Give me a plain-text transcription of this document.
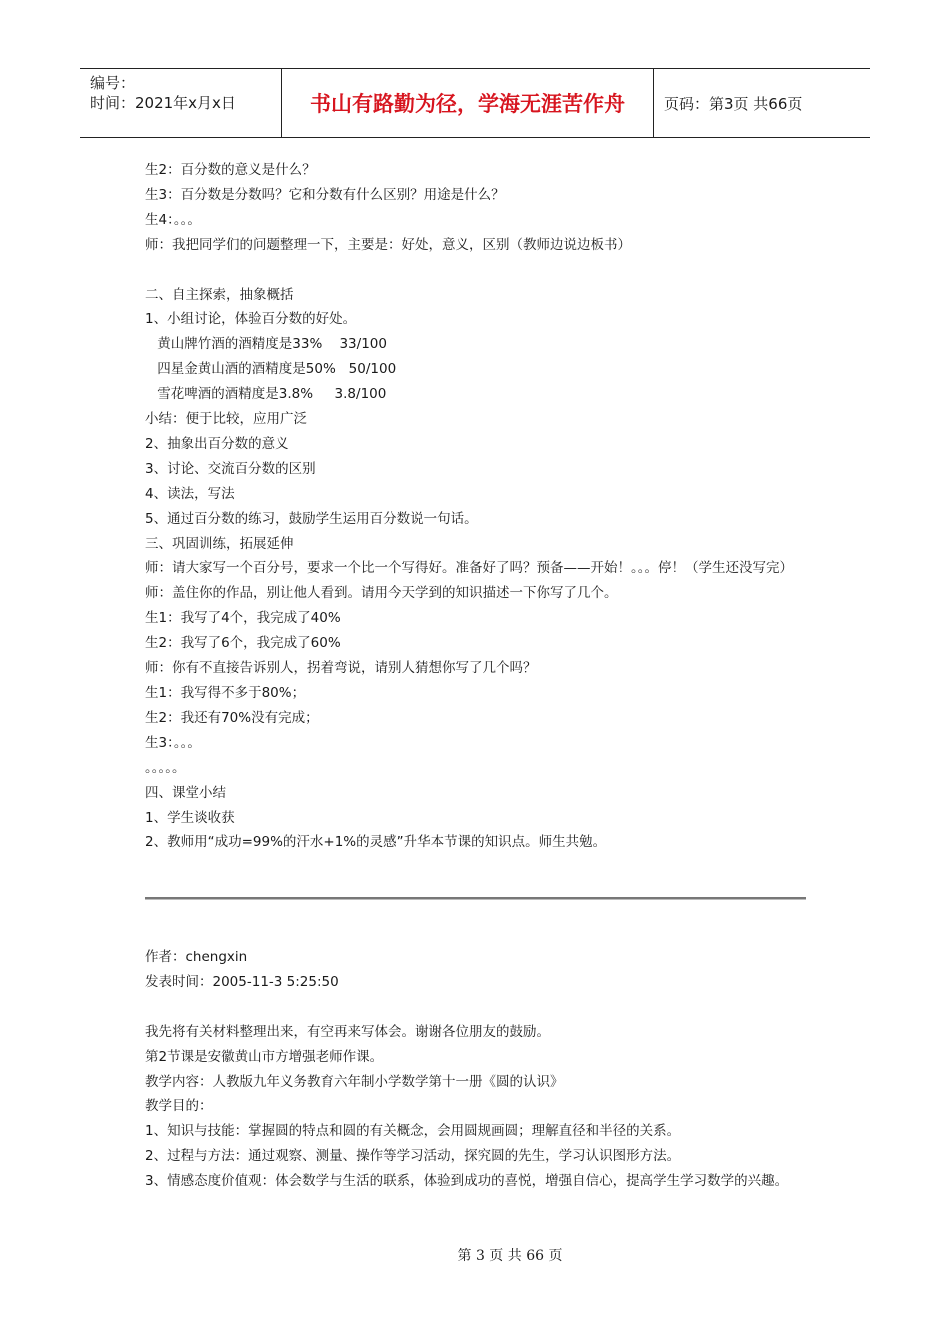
编号：
时间：2021年x月x日	书山有路勤为径，学海无涯苦作舟	页码：第3页 共66页
生2：百分数的意义是什么？
生3：百分数是分数吗？它和分数有什么区别？用途是什么？
生4：。。。
师：我把同学们的问题整理一下，主要是：好处，意义，区别（教师边说边板书）
二、自主探索，抽象概括
1、小组讨论，体验百分数的好处。
黄山牌竹酒的酒精度是33%    33/100
四星金黄山酒的酒精度是50%   50/100
雪花啤酒的酒精度是3.8%     3.8/100
小结：便于比较，应用广泛
2、抽象出百分数的意义
3、讨论、交流百分数的区别
4、读法，写法
5、通过百分数的练习，鼓励学生运用百分数说一句话。
三、巩固训练，拓展延伸
师：请大家写一个百分号，要求一个比一个写得好。准备好了吗？预备——开始！。。。停！（学生还没写完）
师：盖住你的作品，别让他人看到。请用今天学到的知识描述一下你写了几个。
生1：我写了4个，我完成了40%
生2：我写了6个，我完成了60%
师：你有不直接告诉别人，拐着弯说，请别人猜想你写了几个吗？
生1：我写得不多于80%；
生2：我还有70%没有完成；
生3：。。。
。。。。。
四、课堂小结
1、学生谈收获
2、教师用“成功=99%的汗水+1%的灵感”升华本节课的知识点。师生共勉。
作者：chengxin
发表时间：2005-11-3 5:25:50
我先将有关材料整理出来，有空再来写体会。谢谢各位朋友的鼓励。
第2节课是安徽黄山市方增强老师作课。
教学内容：人教版九年义务教育六年制小学数学第十一册《圆的认识》
教学目的：
1、知识与技能：掌握圆的特点和圆的有关概念，会用圆规画圆；理解直径和半径的关系。
2、过程与方法：通过观察、测量、操作等学习活动，探究圆的先生，学习认识图形方法。
3、情感态度价值观：体会数学与生活的联系，体验到成功的喜悦，增强自信心，提高学生学习数学的兴趣。
第 3 页 共 66 页
